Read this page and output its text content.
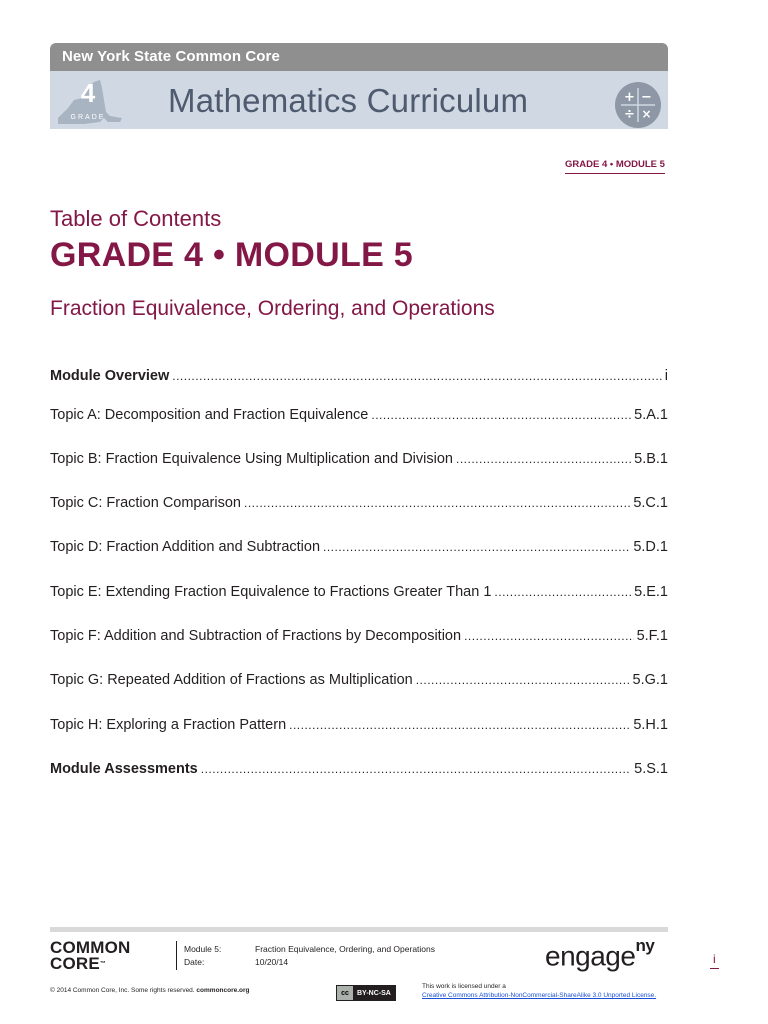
New York State Common Core
4
GRADE Mathematics Curriculum	+ −
÷ ×
GRADE 4 • MODULE 5
Table of Contents
GRADE 4 • MODULE 5
Fraction Equivalence, Ordering, and Operations
Module Overview .....	i
Topic A: Decomposition and Fraction Equivalence .....	5.A.1
Topic B: Fraction Equivalence Using Multiplication and Division .....	5.B.1
Topic C: Fraction Comparison .....	5.C.1
Topic D: Fraction Addition and Subtraction .....	5.D.1
Topic E: Extending Fraction Equivalence to Fractions Greater Than 1 .....	5.E.1
Topic F: Addition and Subtraction of Fractions by Decomposition .....	5.F.1
Topic G: Repeated Addition of Fractions as Multiplication .....	5.G.1
Topic H: Exploring a Fraction Pattern .....	5.H.1
Module Assessments .....	5.S.1
COMMON
CORE™
Module 5:	Fraction Equivalence, Ordering, and Operations
Date:	10/20/14
© 2014 Common Core, Inc. Some rights reserved. commoncore.org	cc	BY-NC-SA
This work is licensed under a
Creative Commons Attribution-NonCommercial-ShareAlike 3.0 Unported License.
engage$^{ny}$
i
